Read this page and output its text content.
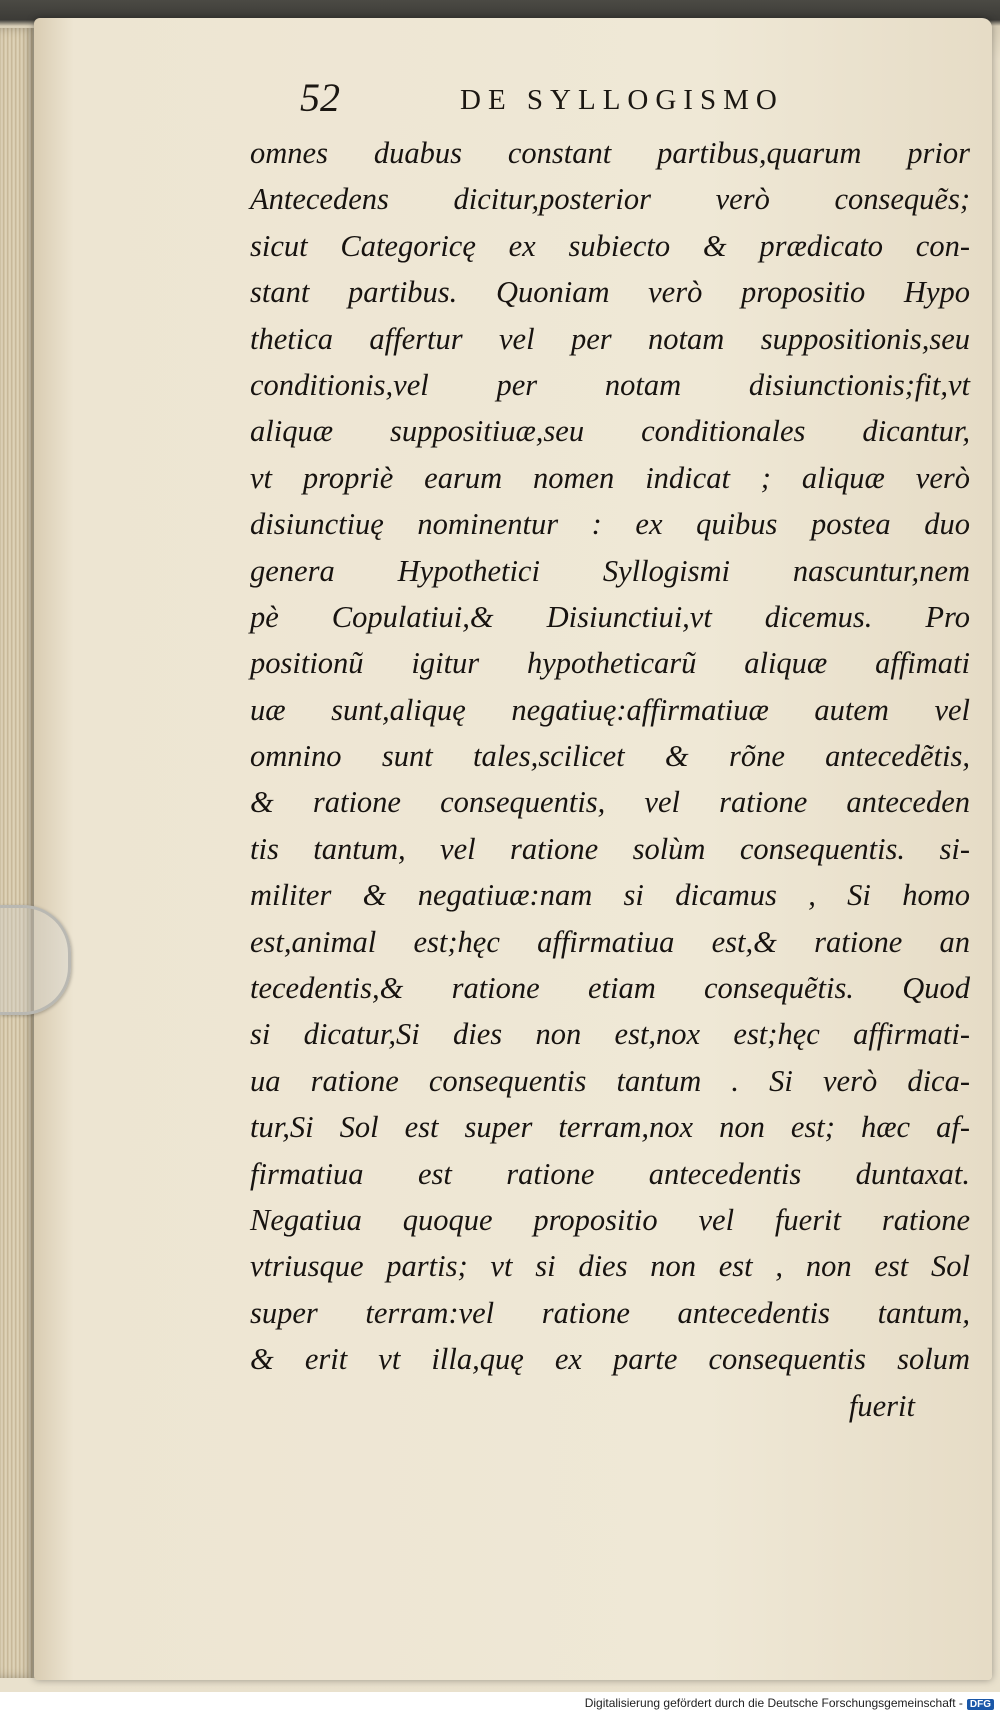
52	DE SYLLOGISMO
omnes duabus constant partibus,quarum prior
Antecedens dicitur,posterior verò consequẽs;
sicut Categoricę ex subiecto & prædicato con-
stant partibus. Quoniam verò propositio Hypo
thetica affertur vel per notam suppositionis,seu
conditionis,vel per notam disiunctionis;fit,vt
aliquæ suppositiuæ,seu conditionales dicantur,
vt propriè earum nomen indicat ; aliquæ verò
disiunctiuę nominentur : ex quibus postea duo
genera Hypothetici Syllogismi nascuntur,nem
pè Copulatiui,& Disiunctiui,vt dicemus. Pro
positionũ igitur hypotheticarũ aliquæ affimati
uæ sunt,aliquę negatiuę:affirmatiuæ autem vel
omnino sunt tales,scilicet & rõne antecedẽtis,
& ratione consequentis, vel ratione anteceden
tis tantum, vel ratione solùm consequentis. si-
militer & negatiuæ:nam si dicamus , Si homo
est,animal est;hęc affirmatiua est,& ratione an
tecedentis,& ratione etiam consequẽtis. Quod
si dicatur,Si dies non est,nox est;hęc affirmati-
ua ratione consequentis tantum . Si verò dica-
tur,Si Sol est super terram,nox non est; hæc af-
firmatiua est ratione antecedentis duntaxat.
Negatiua quoque propositio vel fuerit ratione
vtriusque partis; vt si dies non est , non est Sol
super terram:vel ratione antecedentis tantum,
& erit vt illa,quę ex parte consequentis solum
fuerit
Digitalisierung gefördert durch die Deutsche Forschungsgemeinschaft - DFG
